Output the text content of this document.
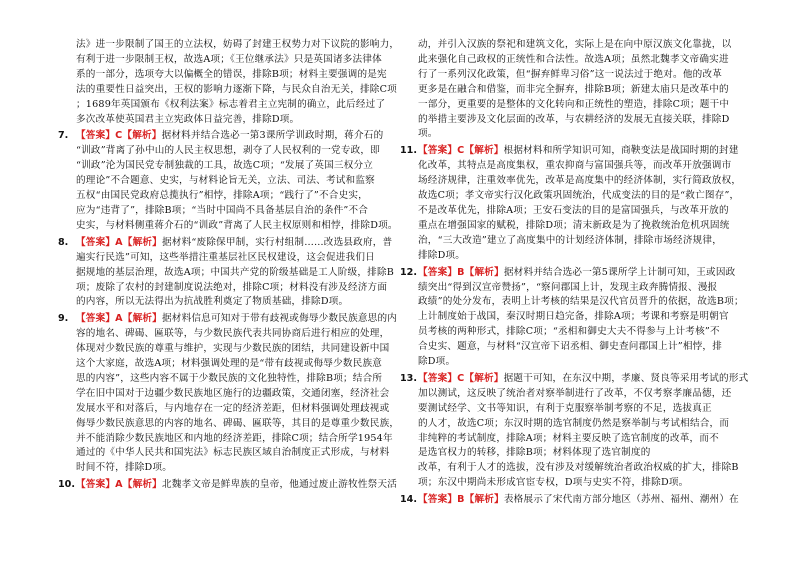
法》进一步限制了国王的立法权，妨碍了封建王权势力对下议院的影响力，
有利于进一步限制王权，故选A项；《王位继承法》只是英国诸多法律体
系的一部分，选项夸大以偏概全的错误，排除B项；材料主要强调的是宪
法的重要性日益突出，王权的影响力逐渐下降，与民众自治无关，排除C项
；1689年英国颁布《权利法案》标志着君主立宪制的确立，此后经过了
多次改革使英国君主立宪政体日益完善，排除D项。
7. 【答案】C【解析】据材料并结合选必一第3课所学训政时期，蒋介石的
“训政”背离了孙中山的人民主权思想，剥夺了人民权利的一党专政，即
“训政”沦为国民党专制独裁的工具，故选C项；“发展了英国三权分立
的理论”不合题意、史实，与材料论旨无关，立法、司法、考试和监察
五权“由国民党政府总揽执行”相悖，排除A项；“践行了”不合史实，
应为“违背了”，排除B项；“当时中国尚不具备基层自治的条件”不合
史实，与材料侧重蒋介石的“训政”背离了人民主权原则和相悖，排除D项。
8. 【答案】A【解析】据材料“废除保甲制，实行村组制……改选县政府，普
遍实行民选”可知，这些举措注重基层社区民权建设，这会促进我们日
据规地的基层治理，故选A项；中国共产党的阶级基础是工人阶级，排除B
项；废除了农村的封建制度说法绝对，排除C项；材料没有涉及经济方面
的内容，所以无法得出为抗战胜利奠定了物质基础，排除D项。
9. 【答案】A【解析】据材料信息可知对于带有歧视或侮辱少数民族意思的内
容的地名、碑碣、匾联等，与少数民族代表共同协商后进行相应的处理，
体现对少数民族的尊重与维护，实现与少数民族的团结，共同建设新中国
这个大家庭，故选A项；材料强调处理的是“带有歧视或侮辱少数民族意
思的内容”，这些内容不属于少数民族的文化独特性，排除B项；结合所
学在旧中国对于边疆少数民族地区施行的边疆政策，交通闭塞，经济社会
发展水平和对落后，与内地存在一定的经济差距，但材料强调处理歧视或
侮辱少数民族意思的内容的地名、碑碣、匾联等，其目的是尊重少数民族，
并不能消除少数民族地区和内地的经济差距，排除C项；结合所学1954年
通过的《中华人民共和国宪法》标志民族区域自治制度正式形成，与材料
时间不符，排除D项。
10. 【答案】A【解析】北魏孝文帝是鲜卑族的皇帝，他通过废止游牧性祭天活
动，并引入汉族的祭祀和建筑文化，实际上是在向中原汉族文化靠拢，以
此来强化自己政权的正统性和合法性。故选A项；虽然北魏孝文帝确实进
行了一系列汉化政策，但“摒弃鲜卑习俗”这一说法过于绝对。他的改革
更多是在融合和借鉴，而非完全摒弃，排除B项；新建太庙只是改革中的
一部分，更重要的是整体的文化转向和正统性的塑造，排除C项；题干中
的举措主要涉及文化层面的改革，与农耕经济的发展无直接关联，排除D
项。
11. 【答案】C【解析】根据材料和所学知识可知，商鞅变法是战国时期的封建
化改革，其特点是高度集权，重农抑商与富国强兵等，而改革开放强调市
场经济规律，注重效率优先，改革是高度集中的经济体制，实行简政放权，
故选C项；孝文帝实行汉化政策巩固统治，代成变法的目的是“救亡图存”，
不是改革优先，排除A项；王安石变法的目的是富国强兵，与改革开放的
重点在增强国家的赋税，排除D项；清末新政是为了挽救统治危机巩固统
治，“三大改造”建立了高度集中的计划经济体制，排除市场经济规律，
排除D项。
12. 【答案】B【解析】据材料并结合选必一第5课所学上计制可知，王或因政
绩突出“得到汉宣帝赞扬”，“察问郡国上计，发现主政奔腾情报、漫报
政绩”的处分发布，表明上计考核的结果是汉代官员晋升的依据，故选B项；
上计制度始于战国，秦汉时期日趋完备，排除A项；考课和考察是明朝官
员考核的两种形式，排除C项；“丞相和御史大夫不得参与上计考核”不
合史实、题意，与材料“汉宣帝下诏丞相、御史查问郡国上计”相悖，排
除D项。
13. 【答案】C【解析】据题干可知，在东汉中期，孝廉、贤良等采用考试的形式
加以测试，这反映了统治者对察举制进行了改革，不仅考察孝廉品德，还
要测试经学、文书等知识，有利于克服察举制考察的不足，选拔真正
的人才，故选C项；东汉时期的选官制度仍然是察举制与考试相结合，而
非纯粹的考试制度，排除A项；材料主要反映了选官制度的改革，而不
是选官权力的转移，排除B项；材料体现了选官制度的
改革，有利于人才的选拔，没有涉及对缓解统治者政治权威的扩大，排除B
项；东汉中期尚未形成官宦专权，D项与史实不符，排除D项。
14. 【答案】B【解析】表格展示了宋代南方部分地区（苏州、福州、潮州）在
